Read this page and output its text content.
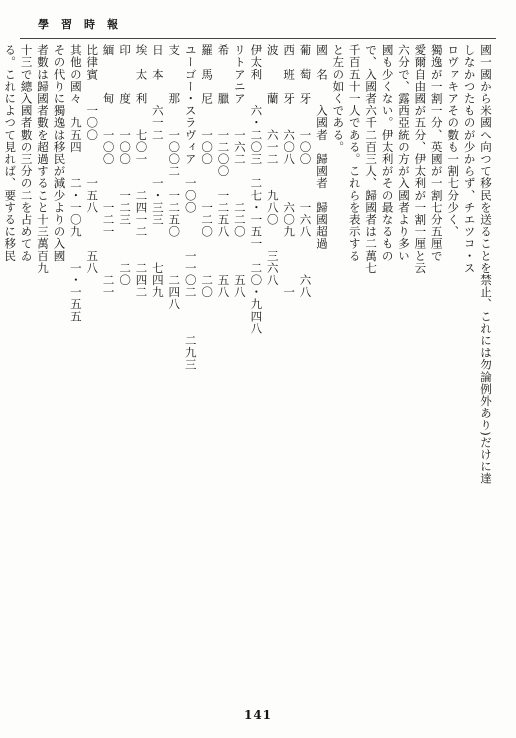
學習時報
國一國から米國へ向つて移民を送ることを禁止、これには勿論例外あり)だけに達
しなかつたものが少からず、チエツコ・ス
ロヴァキアその數も一割七分少く、
獨逸が一割一分、英國が一割七分五厘で
愛爾自由國が五分、伊太利が一割一厘と云
六分で、露西亞統の方が入國者より多い
國も少くない。伊太利がその最なるもの
で、入國者六千二百三人、歸國者は二萬七
千百五十一人である。これらを表示する
と左の如くである。
國　名　　入國者　歸國者　歸國超過
葡　萄　牙　　一〇〇　　　一六八　　　六八
西　班　牙　　六〇八　　　六〇九　　　　一
波　　　蘭　　六一二　　九八〇　　三六八
伊太利　　六・二〇三　二七・一五一　二〇・九四八
リトアニア　　一六二　　　二二〇　　　五八
希　　　臘　　一二〇〇　一二五八　　　五八
羅　馬　尼　　一〇〇　　　一二〇　　　二〇
ユーゴー・スラヴィア　一〇〇　　　一一〇二　　　二九三
支　　　那　　一〇〇二　一二五〇　　　二四八
日　本　　六一二　　　一・三三　　　七四九
埃　太　利　　七〇一　　二四一二　　二四二
印　　　度　　一〇〇　　一二三　　　二〇
緬　　　甸　　一〇〇　　　一二一　　　二一
比律賓　　一〇〇　　　一五八　　　五八
其他の國々　九五四　　二・一〇九　　一・一五五
その代りに獨逸は移民が減少よりの入國
者數は歸國者數を超過すること十三萬百九
十三で總入國者數の三分の二を占めてゐ
る。これによつて見れば、要するに移民
141
